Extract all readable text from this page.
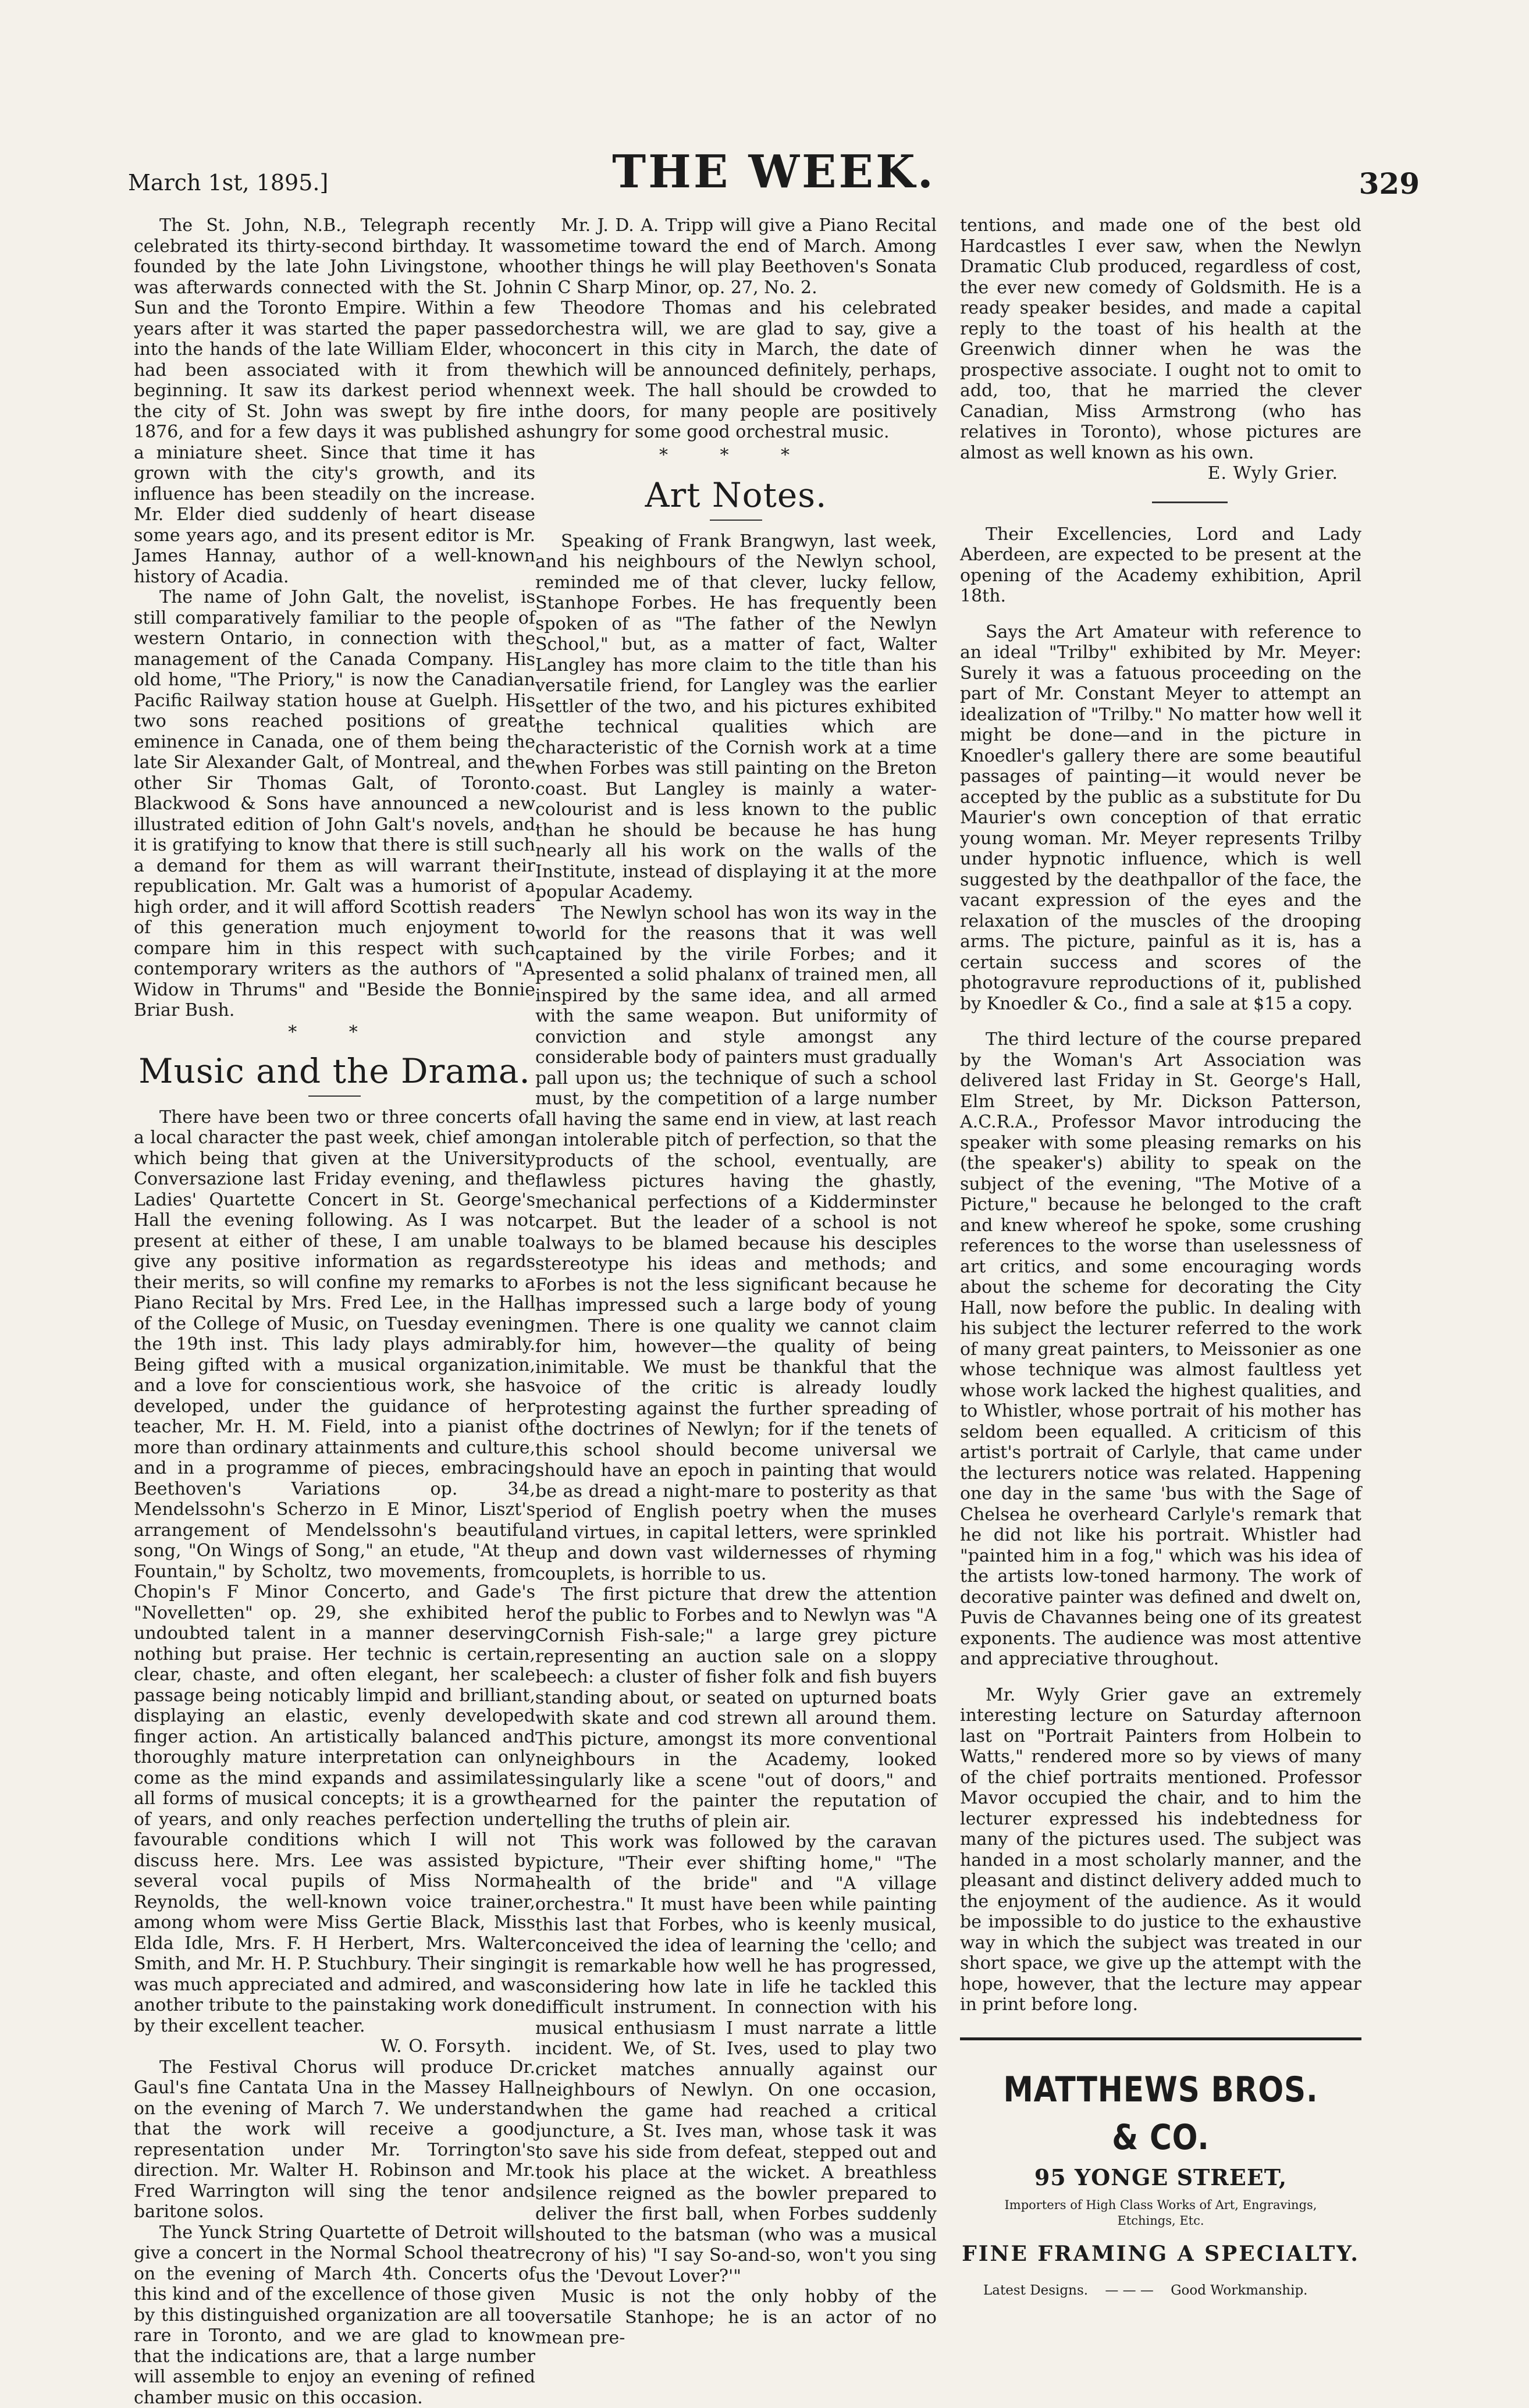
March 1st, 1895.]	THE WEEK.	329

The St. John, N.B., Telegraph recently celebrated its thirty-second birthday. It was founded by the late John Livingstone, who was afterwards connected with the St. John Sun and the Toronto Empire. Within a few years after it was started the paper passed into the hands of the late William Elder, who had been associated with it from the beginning. It saw its darkest period when the city of St. John was swept by fire in 1876, and for a few days it was published as a miniature sheet. Since that time it has grown with the city's growth, and its influence has been steadily on the increase. Mr. Elder died suddenly of heart disease some years ago, and its present editor is Mr. James Hannay, author of a well-known history of Acadia.

The name of John Galt, the novelist, is still comparatively familiar to the people of western Ontario, in connection with the management of the Canada Company. His old home, "The Priory," is now the Canadian Pacific Railway station house at Guelph. His two sons reached positions of great eminence in Canada, one of them being the late Sir Alexander Galt, of Montreal, and the other Sir Thomas Galt, of Toronto. Blackwood & Sons have announced a new illustrated edition of John Galt's novels, and it is gratifying to know that there is still such a demand for them as will warrant their republication. Mr. Galt was a humorist of a high order, and it will afford Scottish readers of this generation much enjoyment to compare him in this respect with such contemporary writers as the authors of "A Widow in Thrums" and "Beside the Bonnie Briar Bush.

* *
Music and the Drama.

There have been two or three concerts of a local character the past week, chief among which being that given at the University Conversazione last Friday evening, and the Ladies' Quartette Concert in St. George's Hall the evening following. As I was not present at either of these, I am unable to give any positive information as regards their merits, so will confine my remarks to a Piano Recital by Mrs. Fred Lee, in the Hall of the College of Music, on Tuesday evening the 19th inst. This lady plays admirably. Being gifted with a musical organization, and a love for conscientious work, she has developed, under the guidance of her teacher, Mr. H. M. Field, into a pianist of more than ordinary attainments and culture, and in a programme of pieces, embracing Beethoven's Variations op. 34, Mendelssohn's Scherzo in E Minor, Liszt's arrangement of Mendelssohn's beautiful song, "On Wings of Song," an etude, "At the Fountain," by Scholtz, two movements, from Chopin's F Minor Concerto, and Gade's "Novelletten" op. 29, she exhibited her undoubted talent in a manner deserving nothing but praise. Her technic is certain, clear, chaste, and often elegant, her scale passage being noticably limpid and brilliant, displaying an elastic, evenly developed finger action. An artistically balanced and thoroughly mature interpretation can only come as the mind expands and assimilates all forms of musical concepts; it is a growth of years, and only reaches perfection under favourable conditions which I will not discuss here. Mrs. Lee was assisted by several vocal pupils of Miss Norma Reynolds, the well-known voice trainer, among whom were Miss Gertie Black, Miss Elda Idle, Mrs. F. H Herbert, Mrs. Walter Smith, and Mr. H. P. Stuchbury. Their singing was much appreciated and admired, and was another tribute to the painstaking work done by their excellent teacher.

W. O. Forsyth.

The Festival Chorus will produce Dr. Gaul's fine Cantata Una in the Massey Hall on the evening of March 7. We understand that the work will receive a good representation under Mr. Torrington's direction. Mr. Walter H. Robinson and Mr. Fred Warrington will sing the tenor and baritone solos.

The Yunck String Quartette of Detroit will give a concert in the Normal School theatre on the evening of March 4th. Concerts of this kind and of the excellence of those given by this distinguished organization are all too rare in Toronto, and we are glad to know that the indications are, that a large number will assemble to enjoy an evening of refined chamber music on this occasion.

Mr. J. D. A. Tripp will give a Piano Recital sometime toward the end of March. Among other things he will play Beethoven's Sonata in C Sharp Minor, op. 27, No. 2.

Theodore Thomas and his celebrated orchestra will, we are glad to say, give a concert in this city in March, the date of which will be announced definitely, perhaps, next week. The hall should be crowded to the doors, for many people are positively hungry for some good orchestral music.

* * *
Art Notes.

Speaking of Frank Brangwyn, last week, and his neighbours of the Newlyn school, reminded me of that clever, lucky fellow, Stanhope Forbes. He has frequently been spoken of as "The father of the Newlyn School," but, as a matter of fact, Walter Langley has more claim to the title than his versatile friend, for Langley was the earlier settler of the two, and his pictures exhibited the technical qualities which are characteristic of the Cornish work at a time when Forbes was still painting on the Breton coast. But Langley is mainly a water-colourist and is less known to the public than he should be because he has hung nearly all his work on the walls of the Institute, instead of displaying it at the more popular Academy.

The Newlyn school has won its way in the world for the reasons that it was well captained by the virile Forbes; and it presented a solid phalanx of trained men, all inspired by the same idea, and all armed with the same weapon. But uniformity of conviction and style amongst any considerable body of painters must gradually pall upon us; the technique of such a school must, by the competition of a large number all having the same end in view, at last reach an intolerable pitch of perfection, so that the products of the school, eventually, are flawless pictures having the ghastly, mechanical perfections of a Kidderminster carpet. But the leader of a school is not always to be blamed because his desciples stereotype his ideas and methods; and Forbes is not the less significant because he has impressed such a large body of young men. There is one quality we cannot claim for him, however—the quality of being inimitable. We must be thankful that the voice of the critic is already loudly protesting against the further spreading of the doctrines of Newlyn; for if the tenets of this school should become universal we should have an epoch in painting that would be as dread a night-mare to posterity as that period of English poetry when the muses and virtues, in capital letters, were sprinkled up and down vast wildernesses of rhyming couplets, is horrible to us.

The first picture that drew the attention of the public to Forbes and to Newlyn was "A Cornish Fish-sale;" a large grey picture representing an auction sale on a sloppy beech: a cluster of fisher folk and fish buyers standing about, or seated on upturned boats with skate and cod strewn all around them. This picture, amongst its more conventional neighbours in the Academy, looked singularly like a scene "out of doors," and earned for the painter the reputation of telling the truths of plein air.

This work was followed by the caravan picture, "Their ever shifting home," "The health of the bride" and "A village orchestra." It must have been while painting this last that Forbes, who is keenly musical, conceived the idea of learning the 'cello; and it is remarkable how well he has progressed, considering how late in life he tackled this difficult instrument. In connection with his musical enthusiasm I must narrate a little incident. We, of St. Ives, used to play two cricket matches annually against our neighbours of Newlyn. On one occasion, when the game had reached a critical juncture, a St. Ives man, whose task it was to save his side from defeat, stepped out and took his place at the wicket. A breathless silence reigned as the bowler prepared to deliver the first ball, when Forbes suddenly shouted to the batsman (who was a musical crony of his) "I say So-and-so, won't you sing us the 'Devout Lover?'"

Music is not the only hobby of the versatile Stanhope; he is an actor of no mean pre-

tentions, and made one of the best old Hardcastles I ever saw, when the Newlyn Dramatic Club produced, regardless of cost, the ever new comedy of Goldsmith. He is a ready speaker besides, and made a capital reply to the toast of his health at the Greenwich dinner when he was the prospective associate. I ought not to omit to add, too, that he married the clever Canadian, Miss Armstrong (who has relatives in Toronto), whose pictures are almost as well known as his own.

E. Wyly Grier.

Their Excellencies, Lord and Lady Aberdeen, are expected to be present at the opening of the Academy exhibition, April 18th.

Says the Art Amateur with reference to an ideal "Trilby" exhibited by Mr. Meyer: Surely it was a fatuous proceeding on the part of Mr. Constant Meyer to attempt an idealization of "Trilby." No matter how well it might be done—and in the picture in Knoedler's gallery there are some beautiful passages of painting—it would never be accepted by the public as a substitute for Du Maurier's own conception of that erratic young woman. Mr. Meyer represents Trilby under hypnotic influence, which is well suggested by the deathpallor of the face, the vacant expression of the eyes and the relaxation of the muscles of the drooping arms. The picture, painful as it is, has a certain success and scores of the photogravure reproductions of it, published by Knoedler & Co., find a sale at $15 a copy.

The third lecture of the course prepared by the Woman's Art Association was delivered last Friday in St. George's Hall, Elm Street, by Mr. Dickson Patterson, A.C.R.A., Professor Mavor introducing the speaker with some pleasing remarks on his (the speaker's) ability to speak on the subject of the evening, "The Motive of a Picture," because he belonged to the craft and knew whereof he spoke, some crushing references to the worse than uselessness of art critics, and some encouraging words about the scheme for decorating the City Hall, now before the public. In dealing with his subject the lecturer referred to the work of many great painters, to Meissonier as one whose technique was almost faultless yet whose work lacked the highest qualities, and to Whistler, whose portrait of his mother has seldom been equalled. A criticism of this artist's portrait of Carlyle, that came under the lecturers notice was related. Happening one day in the same 'bus with the Sage of Chelsea he overheard Carlyle's remark that he did not like his portrait. Whistler had "painted him in a fog," which was his idea of the artists low-toned harmony. The work of decorative painter was defined and dwelt on, Puvis de Chavannes being one of its greatest exponents. The audience was most attentive and appreciative throughout.

Mr. Wyly Grier gave an extremely interesting lecture on Saturday afternoon last on "Portrait Painters from Holbein to Watts," rendered more so by views of many of the chief portraits mentioned. Professor Mavor occupied the chair, and to him the lecturer expressed his indebtedness for many of the pictures used. The subject was handed in a most scholarly manner, and the pleasant and distinct delivery added much to the enjoyment of the audience. As it would be impossible to do justice to the exhaustive way in which the subject was treated in our short space, we give up the attempt with the hope, however, that the lecture may appear in print before long.

MATTHEWS BROS. & CO.
95 YONGE STREET,
Importers of High Class Works of Art, Engravings, Etchings, Etc.
FINE FRAMING A SPECIALTY.
Latest Designs. — — — Good Workmanship.
